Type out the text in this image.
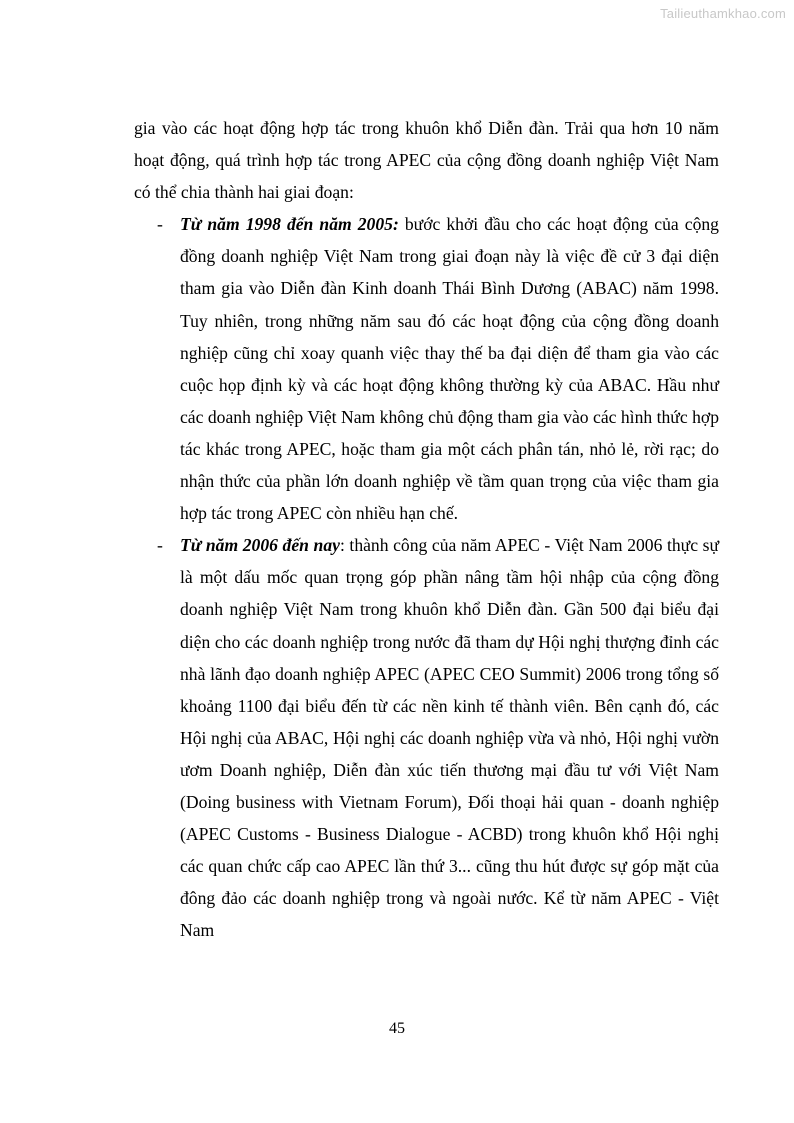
Tailieuthamkhao.com

gia vào các hoạt động hợp tác trong khuôn khổ Diễn đàn. Trải qua hơn 10 năm hoạt động, quá trình hợp tác trong APEC của cộng đồng doanh nghiệp Việt Nam có thể chia thành hai giai đoạn:

- Từ năm 1998 đến năm 2005: bước khởi đầu cho các hoạt động của cộng đồng doanh nghiệp Việt Nam trong giai đoạn này là việc đề cử 3 đại diện tham gia vào Diễn đàn Kinh doanh Thái Bình Dương (ABAC) năm 1998. Tuy nhiên, trong những năm sau đó các hoạt động của cộng đồng doanh nghiệp cũng chỉ xoay quanh việc thay thế ba đại diện để tham gia vào các cuộc họp định kỳ và các hoạt động không thường kỳ của ABAC. Hầu như các doanh nghiệp Việt Nam không chủ động tham gia vào các hình thức hợp tác khác trong APEC, hoặc tham gia một cách phân tán, nhỏ lẻ, rời rạc; do nhận thức của phần lớn doanh nghiệp về tầm quan trọng của việc tham gia hợp tác trong APEC còn nhiều hạn chế.
- Từ năm 2006 đến nay: thành công của năm APEC - Việt Nam 2006 thực sự là một dấu mốc quan trọng góp phần nâng tầm hội nhập của cộng đồng doanh nghiệp Việt Nam trong khuôn khổ Diễn đàn. Gần 500 đại biểu đại diện cho các doanh nghiệp trong nước đã tham dự Hội nghị thượng đỉnh các nhà lãnh đạo doanh nghiệp APEC (APEC CEO Summit) 2006 trong tổng số khoảng 1100 đại biểu đến từ các nền kinh tế thành viên. Bên cạnh đó, các Hội nghị của ABAC, Hội nghị các doanh nghiệp vừa và nhỏ, Hội nghị vườn ươm Doanh nghiệp, Diễn đàn xúc tiến thương mại đầu tư với Việt Nam (Doing business with Vietnam Forum), Đối thoại hải quan - doanh nghiệp (APEC Customs - Business Dialogue - ACBD) trong khuôn khổ Hội nghị các quan chức cấp cao APEC lần thứ 3... cũng thu hút được sự góp mặt của đông đảo các doanh nghiệp trong và ngoài nước. Kể từ năm APEC - Việt Nam
45
